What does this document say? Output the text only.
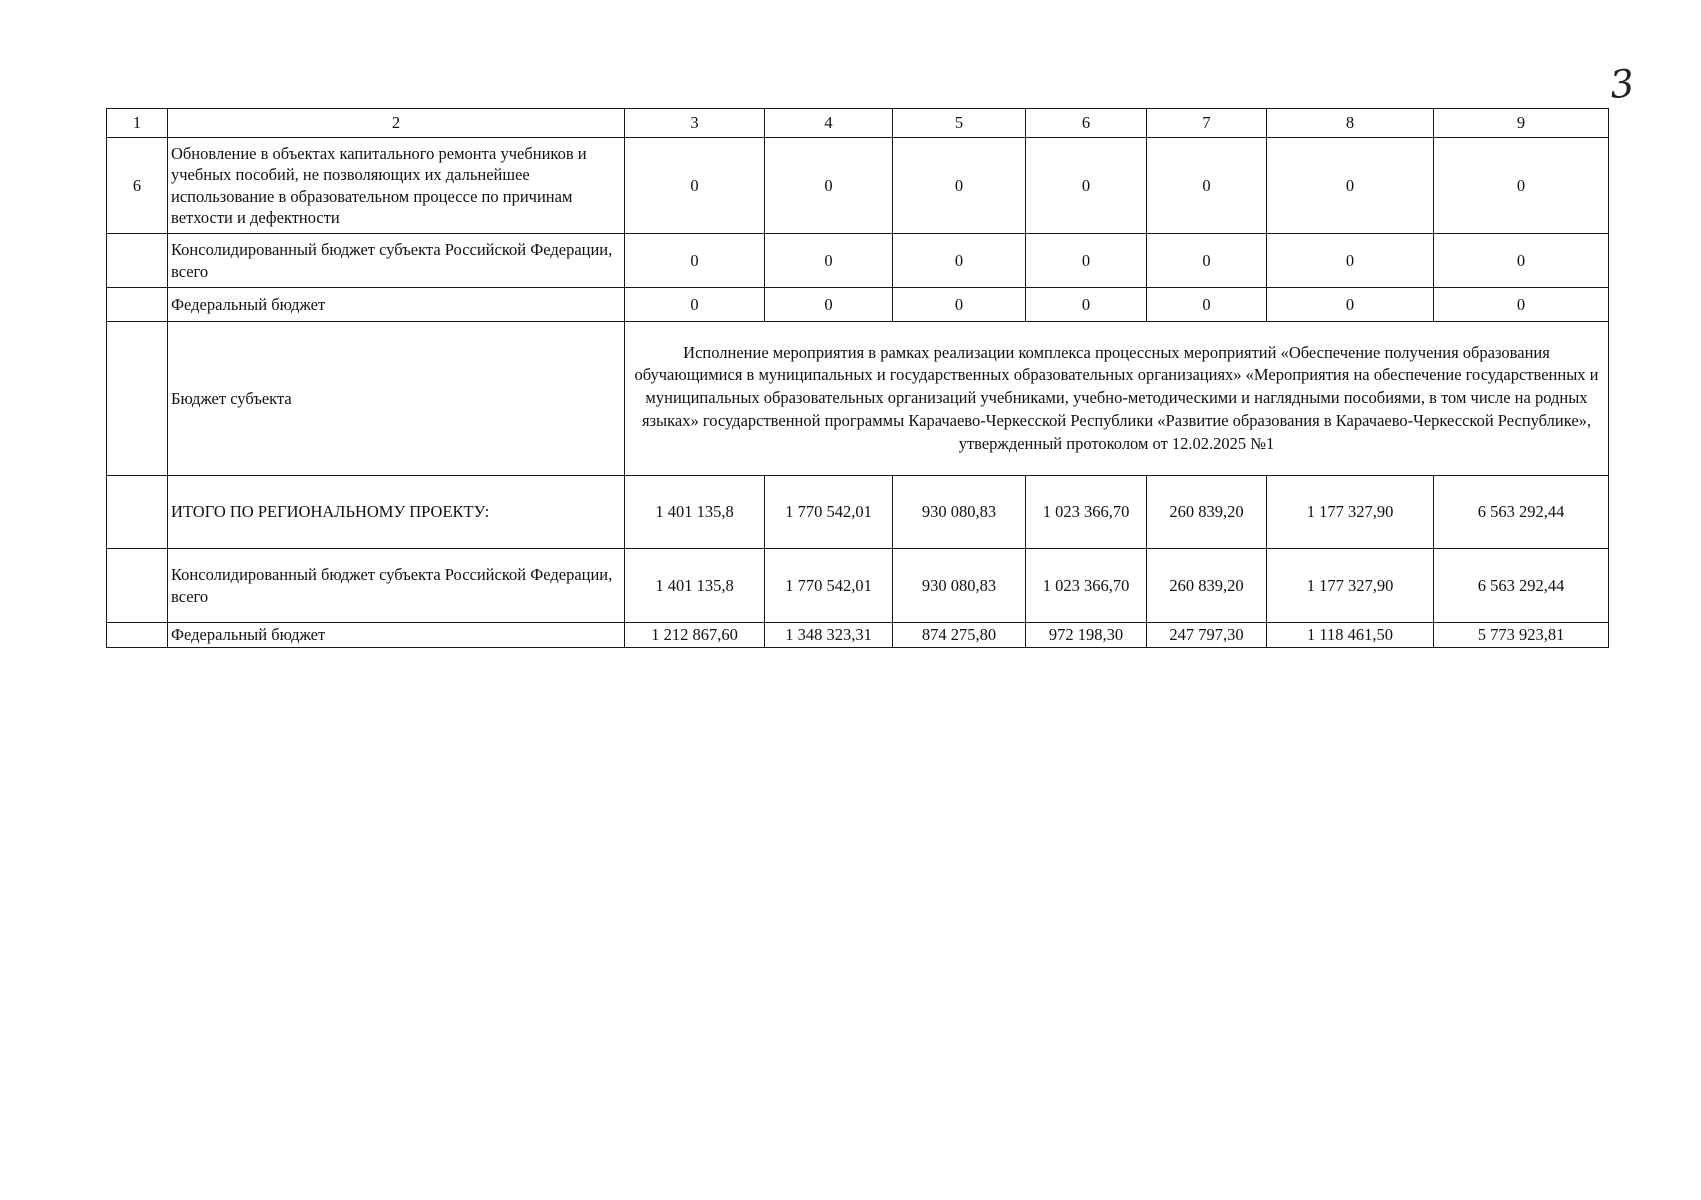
3
1	2	3	4	5	6	7	8	9
6	Обновление в объектах капитального ремонта учебников и учебных пособий, не позволяющих их дальнейшее использование в образовательном процессе по причинам ветхости и дефектности	0	0	0	0	0	0	0
	Консолидированный бюджет субъекта Российской Федерации, всего	0	0	0	0	0	0	0
	Федеральный бюджет	0	0	0	0	0	0	0
	Бюджет субъекта	Исполнение мероприятия в рамках реализации комплекса процессных мероприятий «Обеспечение получения образования обучающимися в муниципальных и государственных образовательных организациях» «Мероприятия на обеспечение государственных и муниципальных образовательных организаций учебниками, учебно-методическими и наглядными пособиями, в том числе на родных языках» государственной программы Карачаево-Черкесской Республики «Развитие образования в Карачаево-Черкесской Республике», утвержденный протоколом от 12.02.2025 №1						
	ИТОГО ПО РЕГИОНАЛЬНОМУ ПРОЕКТУ:	1 401 135,8	1 770 542,01	930 080,83	1 023 366,70	260 839,20	1 177 327,90	6 563 292,44
	Консолидированный бюджет субъекта Российской Федерации, всего	1 401 135,8	1 770 542,01	930 080,83	1 023 366,70	260 839,20	1 177 327,90	6 563 292,44
	Федеральный бюджет	1 212 867,60	1 348 323,31	874 275,80	972 198,30	247 797,30	1 118 461,50	5 773 923,81
